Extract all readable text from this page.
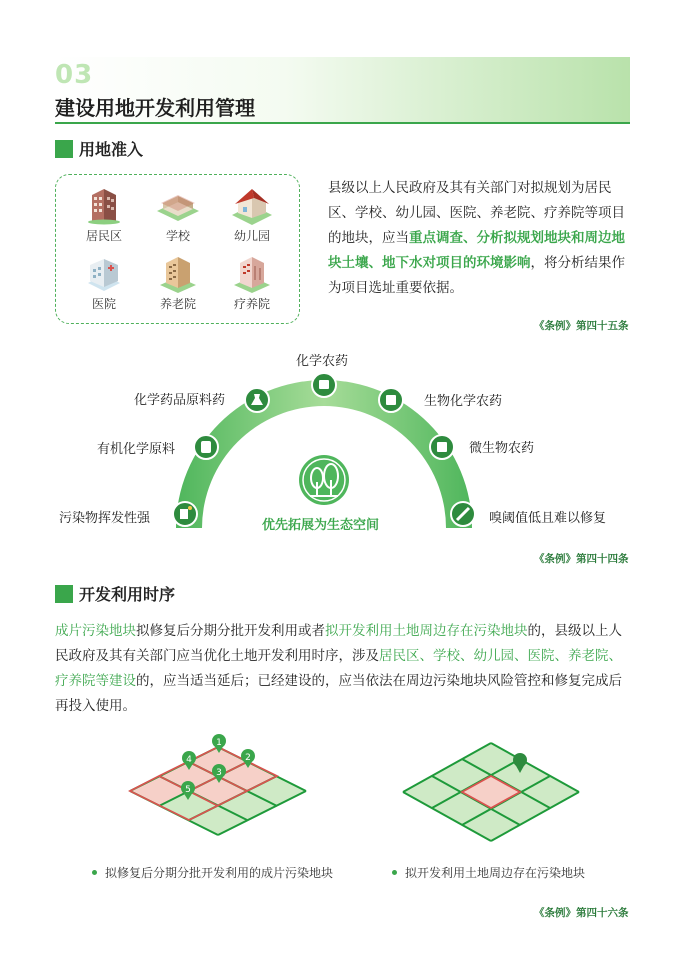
03
建设用地开发利用管理
用地准入
居民区	学校	幼儿园
医院	养老院	疗养院
县级以上人民政府及其有关部门对拟规划为居民区、学校、幼儿园、医院、养老院、疗养院等项目的地块，应当重点调查、分析拟规划地块和周边地块土壤、地下水对项目的环境影响，将分析结果作为项目选址重要依据。
《条例》第四十五条
化学农药
化学药品原料药	生物化学农药
有机化学原料	微生物农药
污染物挥发性强	嗅阈值低且难以修复
优先拓展为生态空间
《条例》第四十四条
开发利用时序
成片污染地块拟修复后分期分批开发利用或者拟开发利用土地周边存在污染地块的，县级以上人民政府及其有关部门应当优化土地开发利用时序，涉及居民区、学校、幼儿园、医院、养老院、疗养院等建设的，应当适当延后；已经建设的，应当依法在周边污染地块风险管控和修复完成后再投入使用。
1
2
3
4
5
拟修复后分期分批开发利用的成片污染地块	拟开发利用土地周边存在污染地块
《条例》第四十六条
